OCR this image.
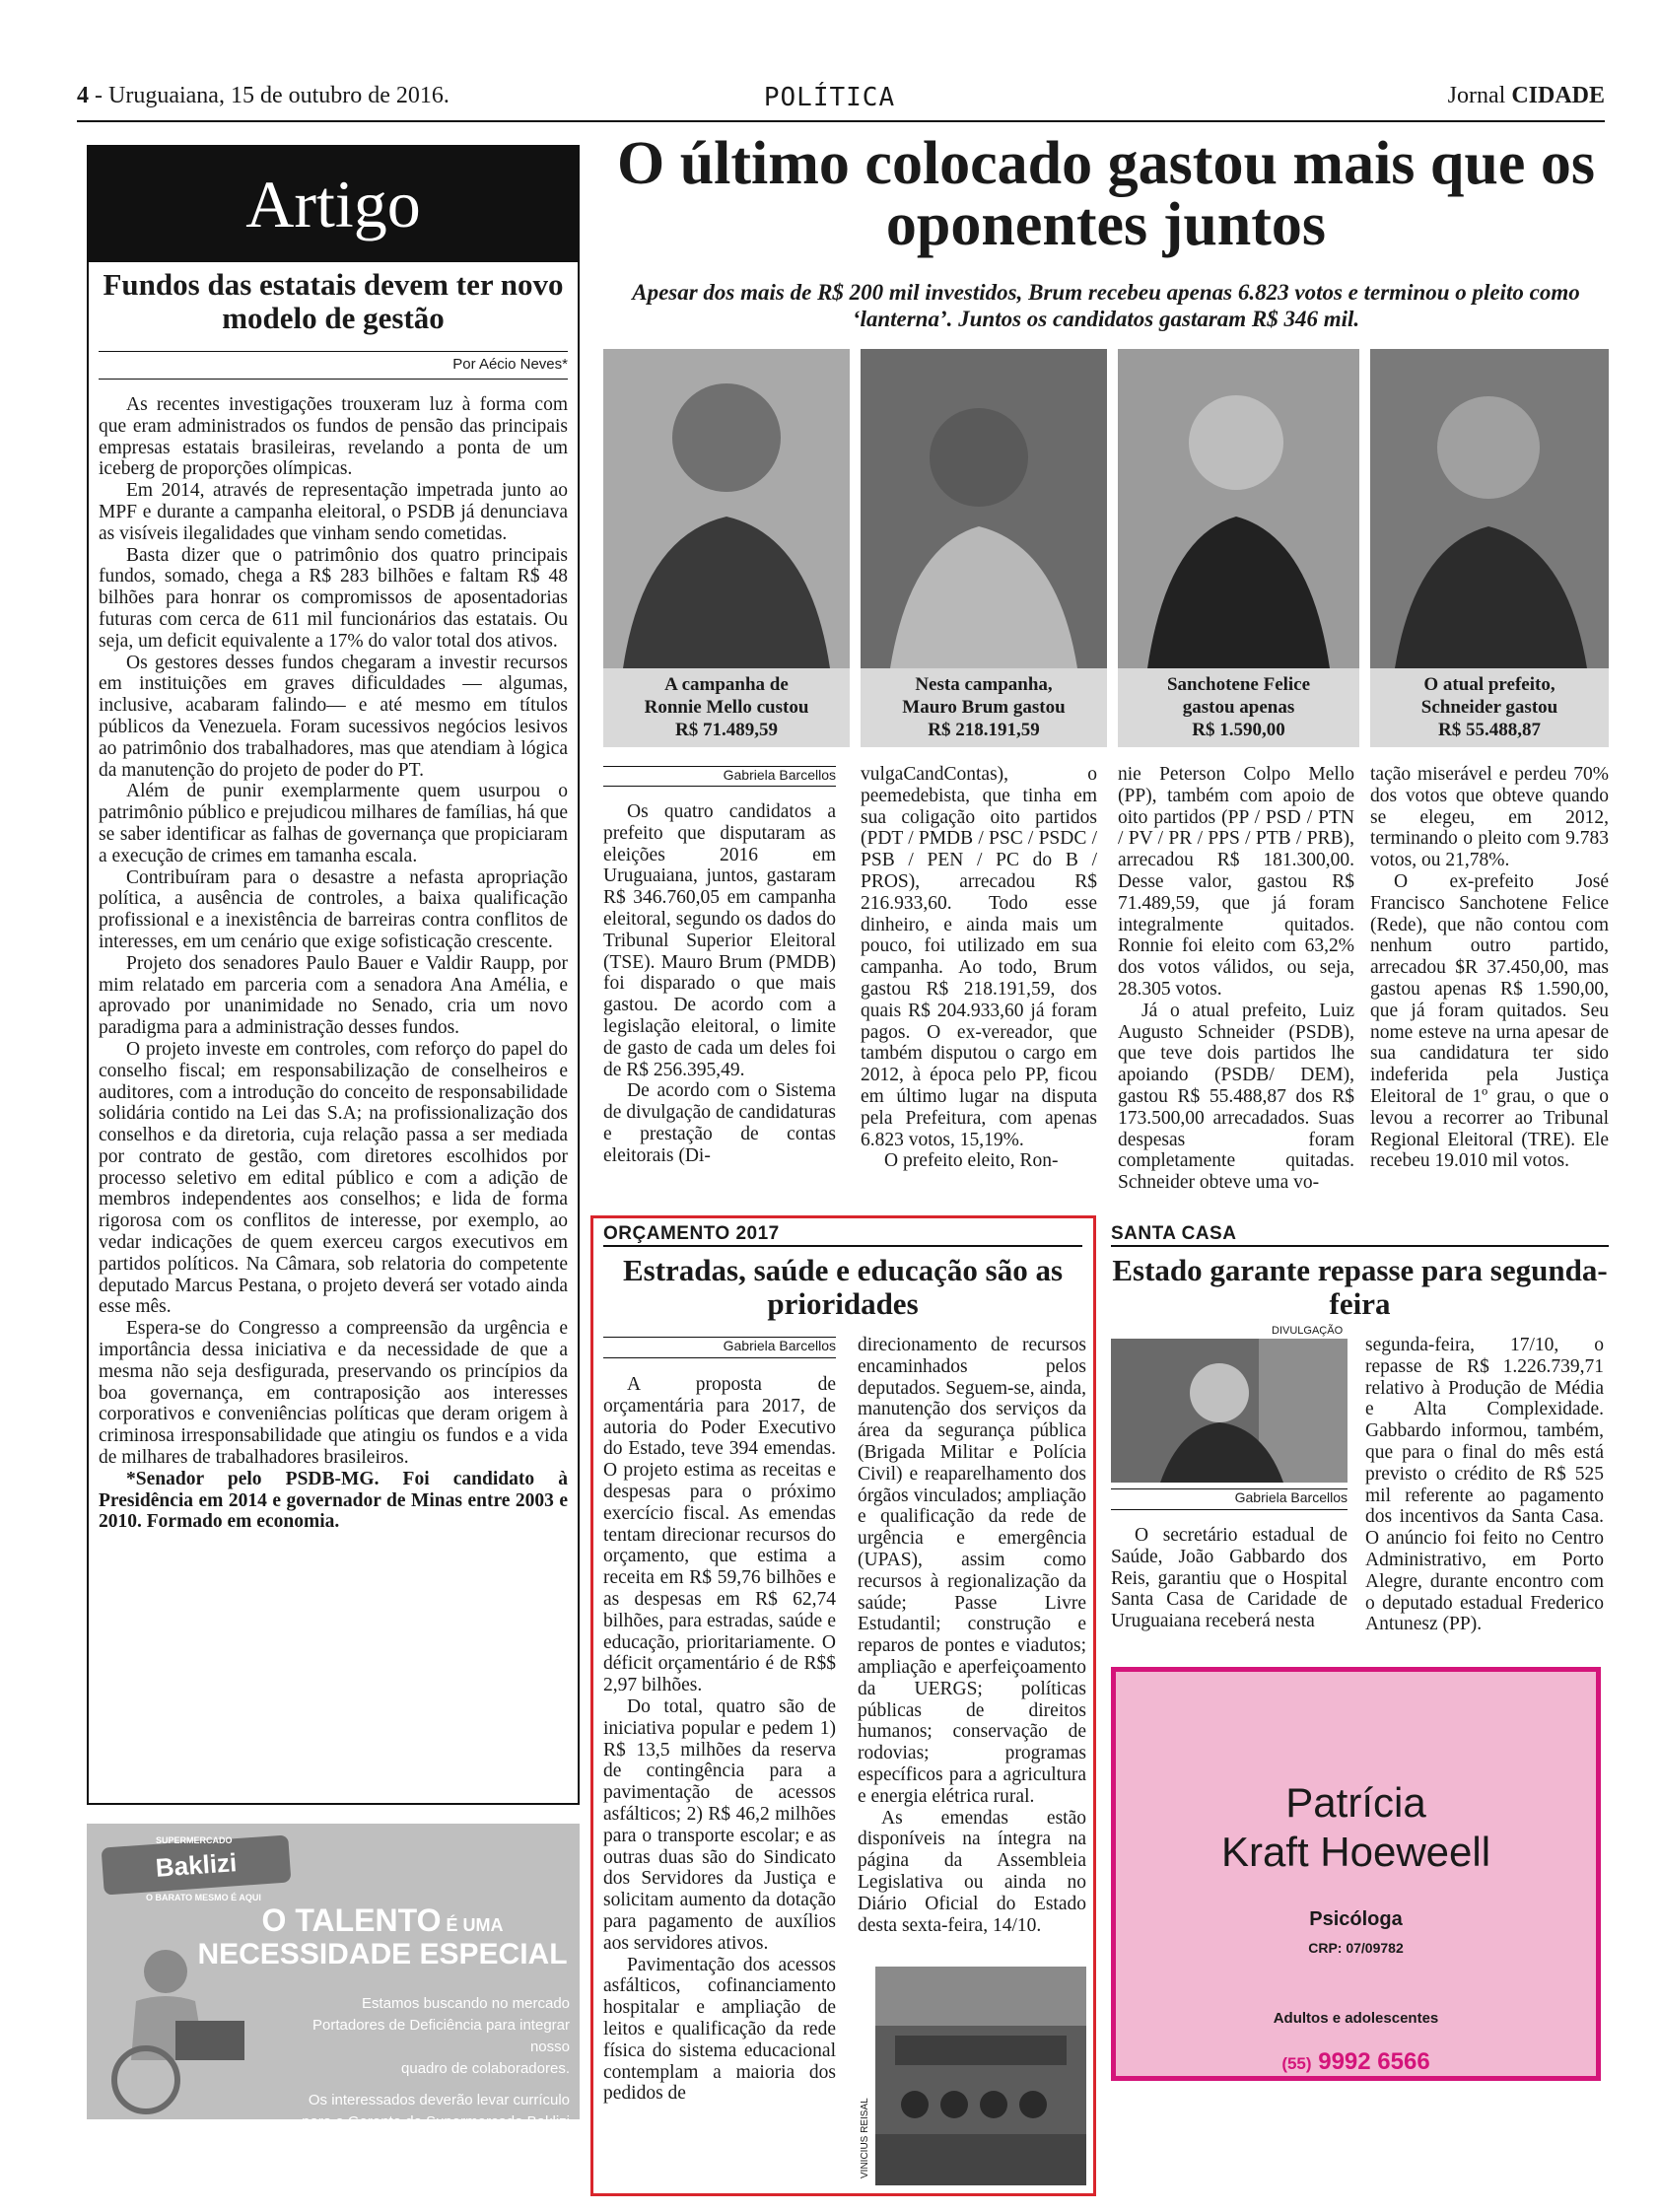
4 - Uruguaiana, 15 de outubro de 2016.	POLÍTICA	Jornal CIDADE
Artigo
Fundos das estatais devem ter novo modelo de gestão
Por Aécio Neves*

As recentes investigações trouxeram luz à forma com que eram administrados os fundos de pensão das principais empresas estatais brasileiras, revelando a ponta de um iceberg de proporções olímpicas.

Em 2014, através de representação impetrada junto ao MPF e durante a campanha eleitoral, o PSDB já denunciava as visíveis ilegalidades que vinham sendo cometidas.

Basta dizer que o patrimônio dos quatro principais fundos, somado, chega a R$ 283 bilhões e faltam R$ 48 bilhões para honrar os compromissos de aposentadorias futuras com cerca de 611 mil funcionários das estatais. Ou seja, um deficit equivalente a 17% do valor total dos ativos.

Os gestores desses fundos chegaram a investir recursos em instituições em graves dificuldades — algumas, inclusive, acabaram falindo— e até mesmo em títulos públicos da Venezuela. Foram sucessivos negócios lesivos ao patrimônio dos trabalhadores, mas que atendiam à lógica da manutenção do projeto de poder do PT.

Além de punir exemplarmente quem usurpou o patrimônio público e prejudicou milhares de famílias, há que se saber identificar as falhas de governança que propiciaram a execução de crimes em tamanha escala.

Contribuíram para o desastre a nefasta apropriação política, a ausência de controles, a baixa qualificação profissional e a inexistência de barreiras contra conflitos de interesses, em um cenário que exige sofisticação crescente.

Projeto dos senadores Paulo Bauer e Valdir Raupp, por mim relatado em parceria com a senadora Ana Amélia, e aprovado por unanimidade no Senado, cria um novo paradigma para a administração desses fundos.

O projeto investe em controles, com reforço do papel do conselho fiscal; em responsabilização de conselheiros e auditores, com a introdução do conceito de responsabilidade solidária contido na Lei das S.A; na profissionalização dos conselhos e da diretoria, cuja relação passa a ser mediada por contrato de gestão, com diretores escolhidos por processo seletivo em edital público e com a adição de membros independentes aos conselhos; e lida de forma rigorosa com os conflitos de interesse, por exemplo, ao vedar indicações de quem exerceu cargos executivos em partidos políticos. Na Câmara, sob relatoria do competente deputado Marcus Pestana, o projeto deverá ser votado ainda esse mês.

Espera-se do Congresso a compreensão da urgência e importância dessa iniciativa e da necessidade de que a mesma não seja desfigurada, preservando os princípios da boa governança, em contraposição aos interesses corporativos e conveniências políticas que deram origem à criminosa irresponsabilidade que atingiu os fundos e a vida de milhares de trabalhadores brasileiros.

*Senador pelo PSDB-MG. Foi candidato à Presidência em 2014 e governador de Minas entre 2003 e 2010. Formado em economia.

Baklizi
SUPERMERCADO
O BARATO MESMO É AQUI
O TALENTO É UMA
NECESSIDADE ESPECIAL

Estamos buscando no mercado

Portadores de Deficiência para integrar nosso

quadro de colaboradores.

Os interessados deverão levar currículo

para o Gerente do Supermercado Baklizi

mais próximo de sua residência.

O último colocado gastou mais que os oponentes juntos
Apesar dos mais de R$ 200 mil investidos, Brum recebeu apenas 6.823 votos e terminou o pleito como ‘lanterna’. Juntos os candidatos gastaram R$ 346 mil.
A campanha de
Ronnie Mello custou
R$ 71.489,59
Nesta campanha,
Mauro Brum gastou
R$ 218.191,59
Sanchotene Felice
gastou apenas
R$ 1.590,00
O atual prefeito,
Schneider gastou
R$ 55.488,87
Gabriela Barcellos

Os quatro candidatos a prefeito que disputaram as eleições 2016 em Uruguaiana, juntos, gastaram R$ 346.760,05 em campanha eleitoral, segundo os dados do Tribunal Superior Eleitoral (TSE). Mauro Brum (PMDB) foi disparado o que mais gastou. De acordo com a legislação eleitoral, o limite de gasto de cada um deles foi de R$ 256.395,49.

De acordo com o Sistema de divulgação de candidaturas e prestação de contas eleitorais (Di-

vulgaCandContas), o peemedebista, que tinha em sua coligação oito partidos (PDT / PMDB / PSC / PSDC / PSB / PEN / PC do B / PROS), arrecadou R$ 216.933,60. Todo esse dinheiro, e ainda mais um pouco, foi utilizado em sua campanha. Ao todo, Brum gastou R$ 218.191,59, dos quais R$ 204.933,60 já foram pagos. O ex-vereador, que também disputou o cargo em 2012, à época pelo PP, ficou em último lugar na disputa pela Prefeitura, com apenas 6.823 votos, 15,19%.

O prefeito eleito, Ron-

nie Peterson Colpo Mello (PP), também com apoio de oito partidos (PP / PSD / PTN / PV / PR / PPS / PTB / PRB), arrecadou R$ 181.300,00. Desse valor, gastou R$ 71.489,59, que já foram integralmente quitados. Ronnie foi eleito com 63,2% dos votos válidos, ou seja, 28.305 votos.

Já o atual prefeito, Luiz Augusto Schneider (PSDB), que teve dois partidos lhe apoiando (PSDB/ DEM), gastou R$ 55.488,87 dos R$ 173.500,00 arrecadados. Suas despesas foram completamente quitadas. Schneider obteve uma vo-

tação miserável e perdeu 70% dos votos que obteve quando se elegeu, em 2012, terminando o pleito com 9.783 votos, ou 21,78%.

O ex-prefeito José Francisco Sanchotene Felice (Rede), que não contou com nenhum outro partido, arrecadou $R 37.450,00, mas gastou apenas R$ 1.590,00, que já foram quitados. Seu nome esteve na urna apesar de sua candidatura ter sido indeferida pela Justiça Eleitoral de 1º grau, o que o levou a recorrer ao Tribunal Regional Eleitoral (TRE). Ele recebeu 19.010 mil votos.

ORÇAMENTO 2017
Estradas, saúde e educação são as prioridades
Gabriela Barcellos

A proposta de orçamentária para 2017, de autoria do Poder Executivo do Estado, teve 394 emendas. O projeto estima as receitas e despesas para o próximo exercício fiscal. As emendas tentam direcionar recursos do orçamento, que estima a receita em R$ 59,76 bilhões e as despesas em R$ 62,74 bilhões, para estradas, saúde e educação, prioritariamente. O déficit orçamentário é de R$$ 2,97 bilhões.

Do total, quatro são de iniciativa popular e pedem 1) R$ 13,5 milhões da reserva de contingência para a pavimentação de acessos asfálticos; 2) R$ 46,2 milhões para o transporte escolar; e as outras duas são do Sindicato dos Servidores da Justiça e solicitam aumento da dotação para pagamento de auxílios aos servidores ativos.

Pavimentação dos acessos asfálticos, cofinanciamento hospitalar e ampliação de leitos e qualificação da rede física do sistema educacional contemplam a maioria dos pedidos de

direcionamento de recursos encaminhados pelos deputados. Seguem-se, ainda, manutenção dos serviços da área da segurança pública (Brigada Militar e Polícia Civil) e reaparelhamento dos órgãos vinculados; ampliação e qualificação da rede de urgência e emergência (UPAS), assim como recursos à regionalização da saúde; Passe Livre Estudantil; construção e reparos de pontes e viadutos; ampliação e aperfeiçoamento da UERGS; políticas públicas de direitos humanos; conservação de rodovias; programas específicos para a agricultura e energia elétrica rural.

As emendas estão disponíveis na íntegra na página da Assembleia Legislativa ou ainda no Diário Oficial do Estado desta sexta-feira, 14/10.

VINICIUS REISAL
SANTA CASA
Estado garante repasse para segunda-feira
DIVULGAÇÃO
Gabriela Barcellos

O secretário estadual de Saúde, João Gabbardo dos Reis, garantiu que o Hospital Santa Casa de Caridade de Uruguaiana receberá nesta

segunda-feira, 17/10, o repasse de R$ 1.226.739,71 relativo à Produção de Média e Alta Complexidade. Gabbardo informou, também, que para o final do mês está previsto o crédito de R$ 525 mil referente ao pagamento dos incentivos da Santa Casa. O anúncio foi feito no Centro Administrativo, em Porto Alegre, durante encontro com o deputado estadual Frederico Antunesz (PP).

Patrícia
Kraft Hoeweell
Psicóloga
CRP: 07/09782
Adultos e adolescentes
(55) 9992 6566
